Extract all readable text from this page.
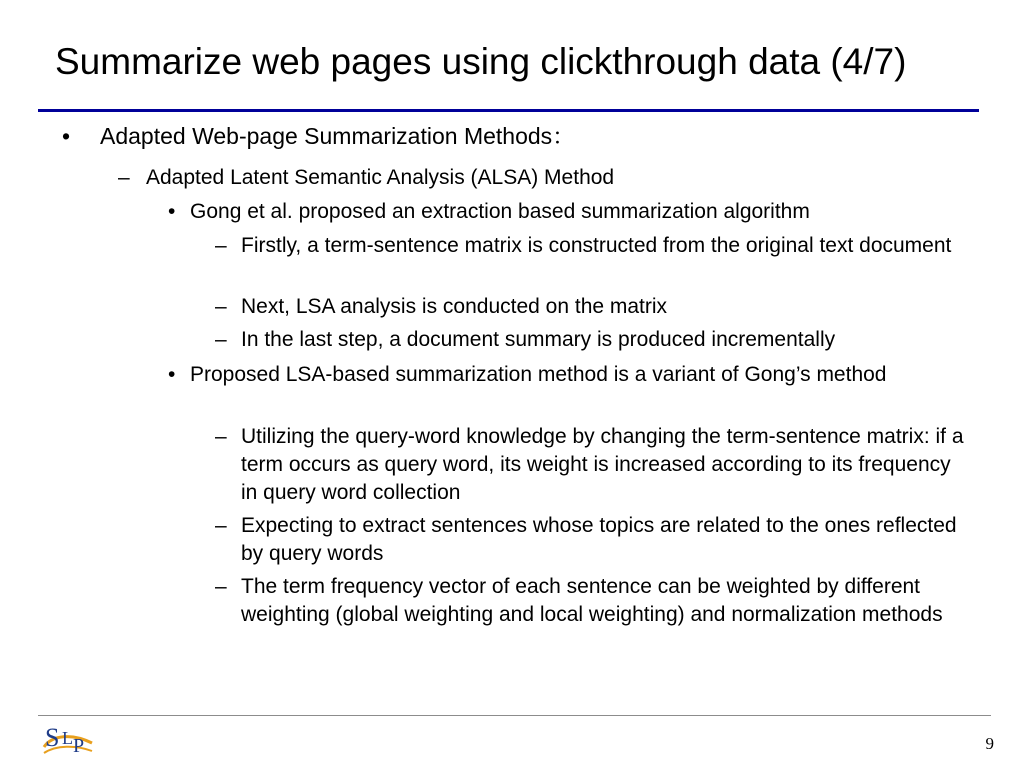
Summarize web pages using clickthrough data (4/7)
• Adapted Web-page Summarization Methods：
– Adapted Latent Semantic Analysis (ALSA) Method
• Gong et al. proposed an extraction based summarization algorithm
– Firstly, a term-sentence matrix is constructed from the original text document
– Next, LSA analysis is conducted on the matrix
– In the last step, a document summary is produced incrementally
• Proposed LSA-based summarization method is a variant of Gong’s method
– Utilizing the query-word knowledge by changing the term-sentence matrix: if a term occurs as query word, its weight is increased according to its frequency in query word collection
– Expecting to extract sentences whose topics are related to the ones reflected by query words
– The term frequency vector of each sentence can be weighted by different weighting (global weighting and local weighting) and normalization methods
S L P	9
